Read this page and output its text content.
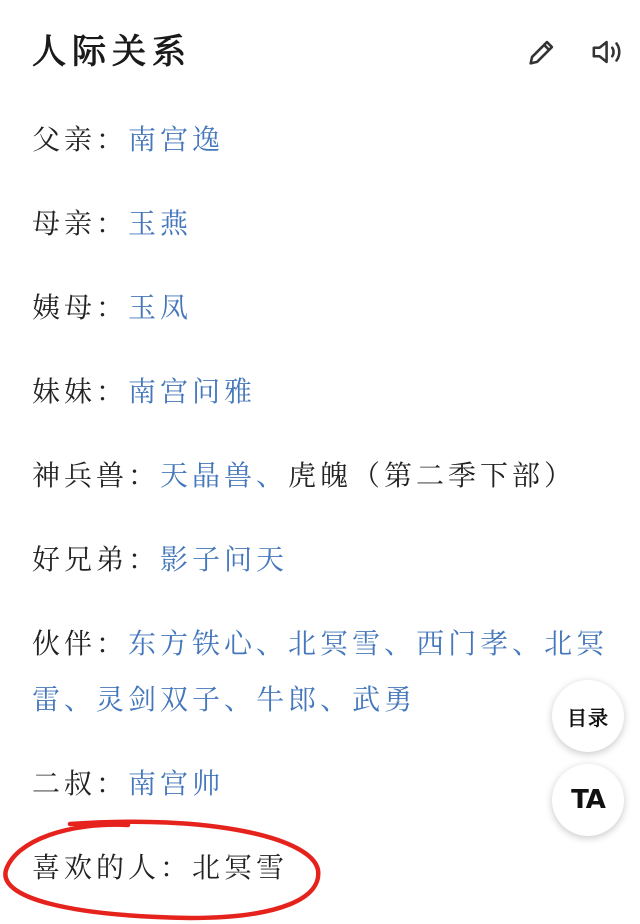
人际关系
父亲：南宫逸
母亲：玉燕
姨母：玉凤
妹妹：南宫问雅
神兵兽：天晶兽、虎魄（第二季下部）
好兄弟：影子问天
伙伴：东方铁心、北冥雪、西门孝、北冥雷、灵剑双子、牛郎、武勇
二叔：南宫帅
喜欢的人：北冥雪
目录
TA
